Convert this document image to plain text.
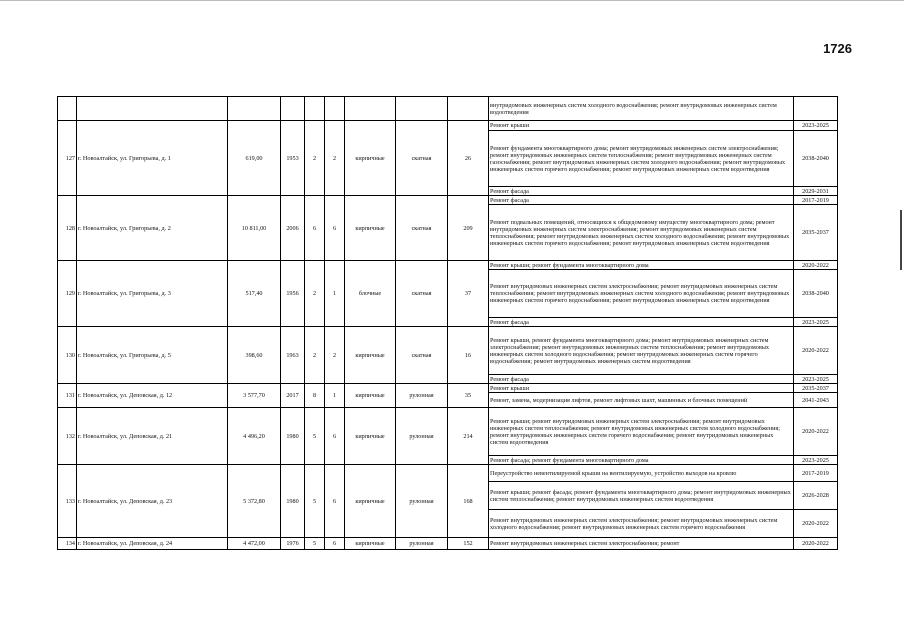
1726
									внутридомовых инженерных систем холодного водоснабжения; ремонт внутридомовых инженерных систем водоотведения	
127	г. Новоалтайск, ул. Григорьева, д. 1	619,00	1953	2	2	кирпичные	скатная	26	Ремонт крыши	2023-2025
									Ремонт фундамента многоквартирного дома; ремонт внутридомовых инженерных систем электроснабжения; ремонт внутридомовых инженерных систем теплоснабжения; ремонт внутридомовых инженерных систем газоснабжения; ремонт внутридомовых инженерных систем холодного водоснабжения; ремонт внутридомовых инженерных систем горячего водоснабжения; ремонт внутридомовых инженерных систем водоотведения	2038-2040
									Ремонт фасада	2029-2031
128	г. Новоалтайск, ул. Григорьева, д. 2	10 811,00	2006	6	6	кирпичные	скатная	209	Ремонт фасада	2017-2019
									Ремонт подвальных помещений, относящихся к общедомовому имуществу многоквартирного дома; ремонт внутридомовых инженерных систем электроснабжения; ремонт внутридомовых инженерных систем теплоснабжения; ремонт внутридомовых инженерных систем холодного водоснабжения; ремонт внутридомовых инженерных систем горячего водоснабжения; ремонт внутридомовых инженерных систем водоотведения	2035-2037
129	г. Новоалтайск, ул. Григорьева, д. 3	517,40	1956	2	1	блочные	скатная	37	Ремонт крыши; ремонт фундамента многоквартирного дома	2020-2022
									Ремонт внутридомовых инженерных систем электроснабжения; ремонт внутридомовых инженерных систем теплоснабжения; ремонт внутридомовых инженерных систем холодного водоснабжения; ремонт внутридомовых инженерных систем горячего водоснабжения; ремонт внутридомовых инженерных систем водоотведения	2038-2040
									Ремонт фасада	2023-2025
130	г. Новоалтайск, ул. Григорьева, д. 5	398,60	1963	2	2	кирпичные	скатная	16	Ремонт крыши, ремонт фундамента многоквартирного дома; ремонт внутридомовых инженерных систем электроснабжения; ремонт внутридомовых инженерных систем теплоснабжения; ремонт внутридомовых инженерных систем холодного водоснабжения; ремонт внутридомовых инженерных систем горячего водоснабжения; ремонт внутридомовых инженерных систем водоотведения	2020-2022
									Ремонт фасада	2023-2025
131	г. Новоалтайск, ул. Деповская, д. 12	3 577,70	2017	8	1	кирпичные	рулонная	35	Ремонт крыши	2035-2037
									Ремонт, замена, модернизация лифтов, ремонт лифтовых шахт, машинных и блочных помещений	2041-2043
132	г. Новоалтайск, ул. Деповская, д. 21	4 496,20	1980	5	6	кирпичные	рулонная	214	Ремонт крыши; ремонт внутридомовых инженерных систем электроснабжения; ремонт внутридомовых инженерных систем теплоснабжения; ремонт внутридомовых инженерных систем холодного водоснабжения; ремонт внутридомовых инженерных систем горячего водоснабжения; ремонт внутридомовых инженерных систем водоотведения	2020-2022
									Ремонт фасада; ремонт фундамента многоквартирного дома	2023-2025
133	г. Новоалтайск, ул. Деповская, д. 23	5 372,80	1980	5	6	кирпичные	рулонная	168	Переустройство невентилируемой крыши на вентилируемую, устройство выходов на кровлю	2017-2019
									Ремонт крыши; ремонт фасада; ремонт фундамента многоквартирного дома; ремонт внутридомовых инженерных систем теплоснабжения; ремонт внутридомовых инженерных систем водоотведения	2026-2028
									Ремонт внутридомовых инженерных систем электроснабжения; ремонт внутридомовых инженерных систем холодного водоснабжения; ремонт внутридомовых инженерных систем горячего водоснабжения	2020-2022
134	г. Новоалтайск, ул. Деповская, д. 24	4 472,00	1976	5	6	кирпичные	рулонная	152	Ремонт внутридомовых инженерных систем электроснабжения; ремонт	2020-2022
